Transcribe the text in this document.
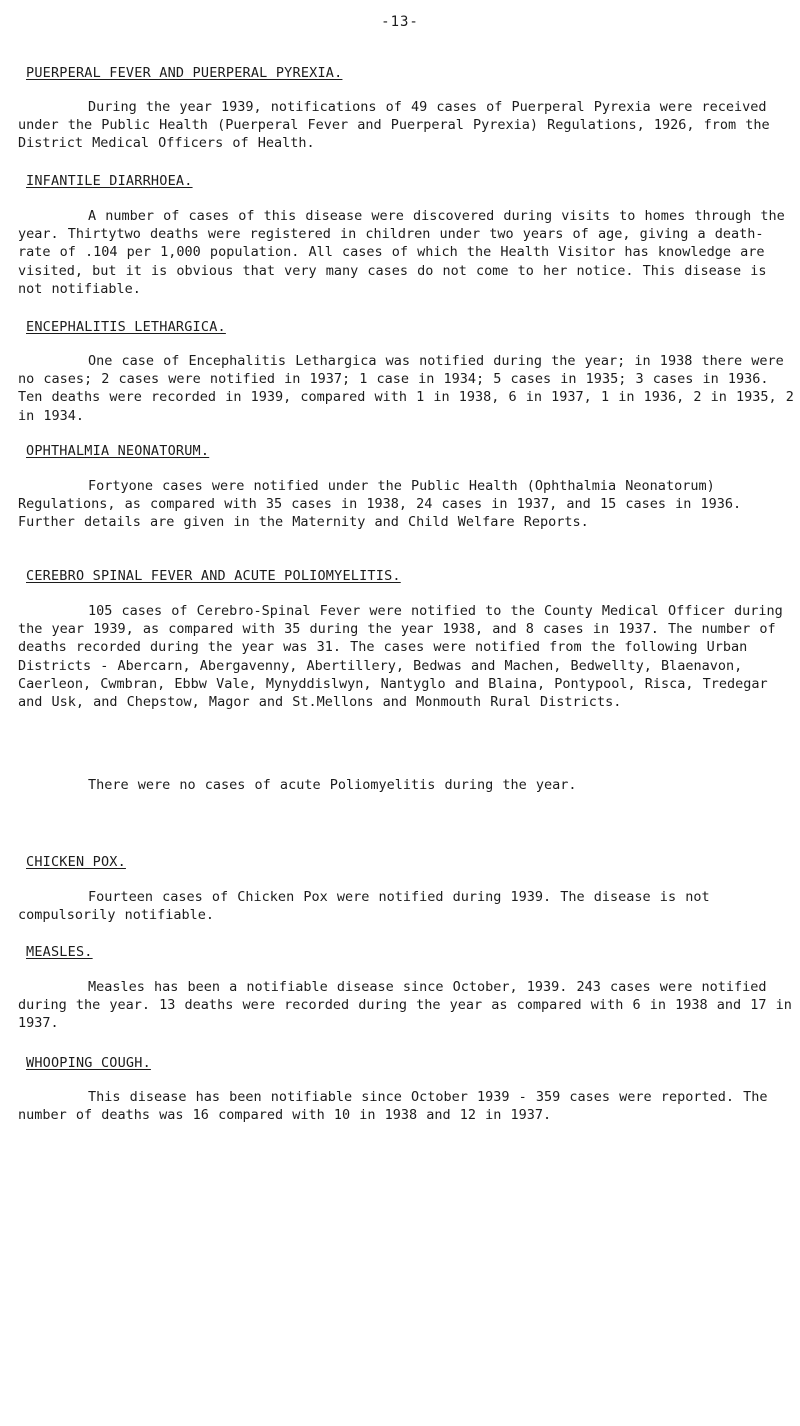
-13-
PUERPERAL FEVER AND PUERPERAL PYREXIA.

During the year 1939, notifications of 49 cases of Puerperal Pyrexia were received under the Public Health (Puerperal Fever and Puerperal Pyrexia) Regulations, 1926, from the District Medical Officers of Health.

INFANTILE DIARRHOEA.

A number of cases of this disease were discovered during visits to homes through the year. Thirtytwo deaths were registered in children under two years of age, giving a death-rate of .104 per 1,000 population. All cases of which the Health Visitor has knowledge are visited, but it is obvious that very many cases do not come to her notice. This disease is not notifiable.

ENCEPHALITIS LETHARGICA.

One case of Encephalitis Lethargica was notified during the year; in 1938 there were no cases; 2 cases were notified in 1937; 1 case in 1934; 5 cases in 1935; 3 cases in 1936. Ten deaths were recorded in 1939, compared with 1 in 1938, 6 in 1937, 1 in 1936, 2 in 1935, 2 in 1934.

OPHTHALMIA NEONATORUM.

Fortyone cases were notified under the Public Health (Ophthalmia Neonatorum) Regulations, as compared with 35 cases in 1938, 24 cases in 1937, and 15 cases in 1936. Further details are given in the Maternity and Child Welfare Reports.

CEREBRO SPINAL FEVER AND ACUTE POLIOMYELITIS.

105 cases of Cerebro-Spinal Fever were notified to the County Medical Officer during the year 1939, as compared with 35 during the year 1938, and 8 cases in 1937. The number of deaths recorded during the year was 31. The cases were notified from the following Urban Districts - Abercarn, Abergavenny, Abertillery, Bedwas and Machen, Bedwellty, Blaenavon, Caerleon, Cwmbran, Ebbw Vale, Mynyddislwyn, Nantyglo and Blaina, Pontypool, Risca, Tredegar and Usk, and Chepstow, Magor and St.Mellons and Monmouth Rural Districts.

There were no cases of acute Poliomyelitis during the year.

CHICKEN POX.

Fourteen cases of Chicken Pox were notified during 1939. The disease is not compulsorily notifiable.

MEASLES.

Measles has been a notifiable disease since October, 1939. 243 cases were notified during the year. 13 deaths were recorded during the year as compared with 6 in 1938 and 17 in 1937.

WHOOPING COUGH.

This disease has been notifiable since October 1939 - 359 cases were reported. The number of deaths was 16 compared with 10 in 1938 and 12 in 1937.
